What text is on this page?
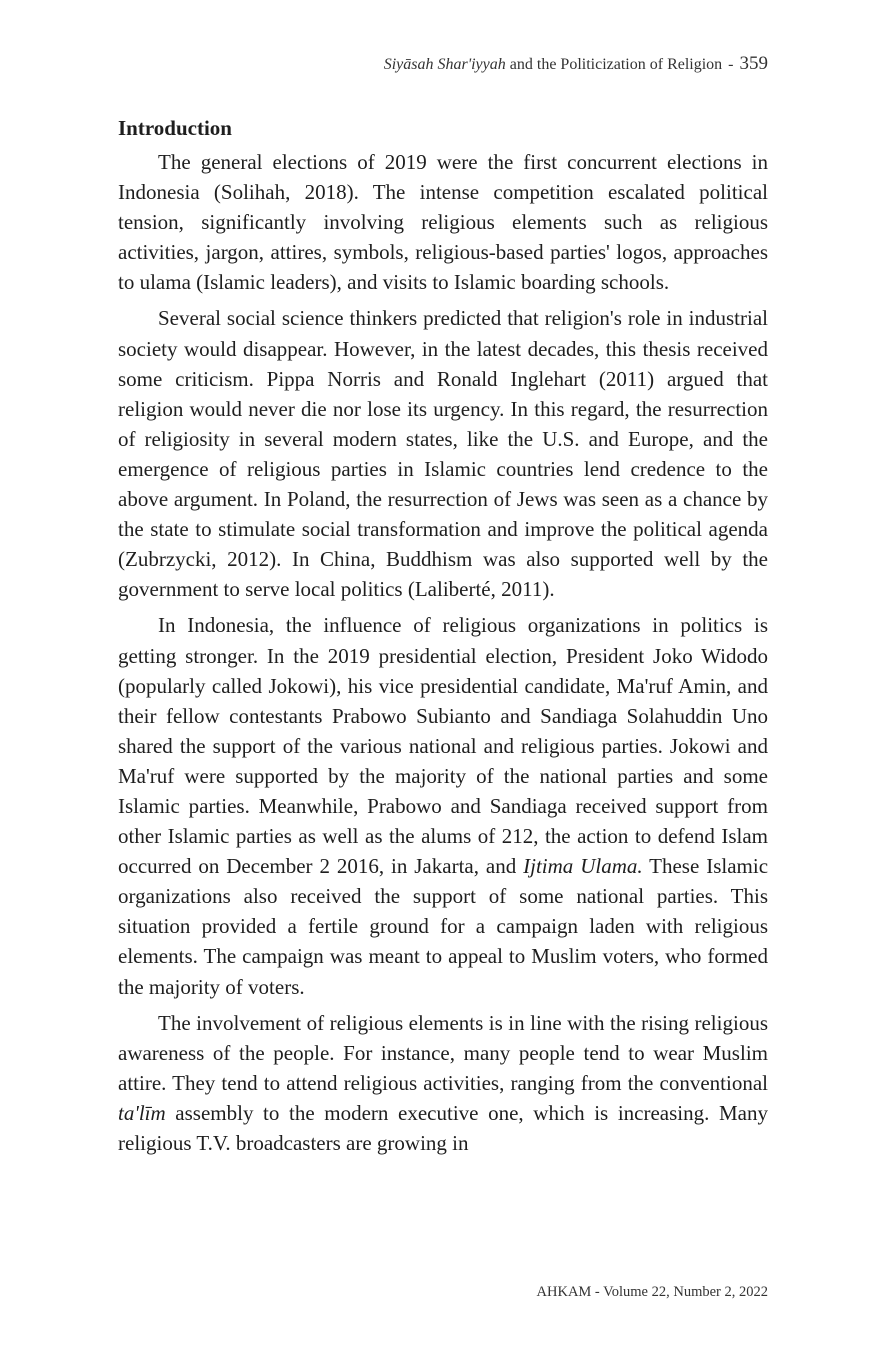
Siyāsah Shar'iyyah and the Politicization of Religion - 359
Introduction

The general elections of 2019 were the first concurrent elections in Indonesia (Solihah, 2018). The intense competition escalated political tension, significantly involving religious elements such as religious activities, jargon, attires, symbols, religious-based parties' logos, approaches to ulama (Islamic leaders), and visits to Islamic boarding schools.

Several social science thinkers predicted that religion's role in industrial society would disappear. However, in the latest decades, this thesis received some criticism. Pippa Norris and Ronald Inglehart (2011) argued that religion would never die nor lose its urgency. In this regard, the resurrection of religiosity in several modern states, like the U.S. and Europe, and the emergence of religious parties in Islamic countries lend credence to the above argument. In Poland, the resurrection of Jews was seen as a chance by the state to stimulate social transformation and improve the political agenda (Zubrzycki, 2012). In China, Buddhism was also supported well by the government to serve local politics (Laliberté, 2011).

In Indonesia, the influence of religious organizations in politics is getting stronger. In the 2019 presidential election, President Joko Widodo (popularly called Jokowi), his vice presidential candidate, Ma'ruf Amin, and their fellow contestants Prabowo Subianto and Sandiaga Solahuddin Uno shared the support of the various national and religious parties. Jokowi and Ma'ruf were supported by the majority of the national parties and some Islamic parties. Meanwhile, Prabowo and Sandiaga received support from other Islamic parties as well as the alums of 212, the action to defend Islam occurred on December 2 2016, in Jakarta, and Ijtima Ulama. These Islamic organizations also received the support of some national parties. This situation provided a fertile ground for a campaign laden with religious elements. The campaign was meant to appeal to Muslim voters, who formed the majority of voters.

The involvement of religious elements is in line with the rising religious awareness of the people. For instance, many people tend to wear Muslim attire. They tend to attend religious activities, ranging from the conventional ta'līm assembly to the modern executive one, which is increasing. Many religious T.V. broadcasters are growing in

AHKAM - Volume 22, Number 2, 2022
